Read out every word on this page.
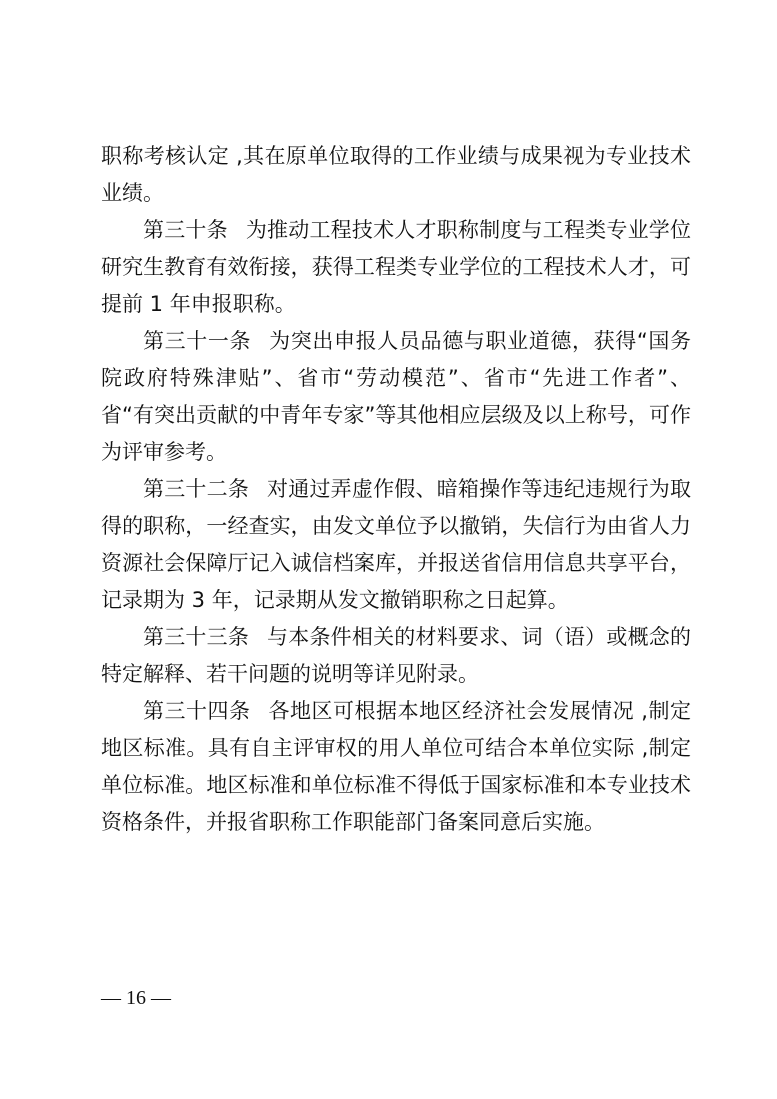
职称考核认定 ,其在原单位取得的工作业绩与成果视为专业技术业绩。

第三十条 为推动工程技术人才职称制度与工程类专业学位研究生教育有效衔接，获得工程类专业学位的工程技术人才，可提前 1 年申报职称。

第三十一条 为突出申报人员品德与职业道德，获得“国务院政府特殊津贴”、省市“劳动模范”、省市“先进工作者”、省“有突出贡献的中青年专家”等其他相应层级及以上称号，可作为评审参考。

第三十二条 对通过弄虚作假、暗箱操作等违纪违规行为取得的职称，一经查实，由发文单位予以撤销，失信行为由省人力资源社会保障厅记入诚信档案库，并报送省信用信息共享平台，记录期为 3 年，记录期从发文撤销职称之日起算。

第三十三条 与本条件相关的材料要求、词（语）或概念的特定解释、若干问题的说明等详见附录。

第三十四条 各地区可根据本地区经济社会发展情况 ,制定地区标准。具有自主评审权的用人单位可结合本单位实际 ,制定单位标准。地区标准和单位标准不得低于国家标准和本专业技术资格条件，并报省职称工作职能部门备案同意后实施。

— 16 —
